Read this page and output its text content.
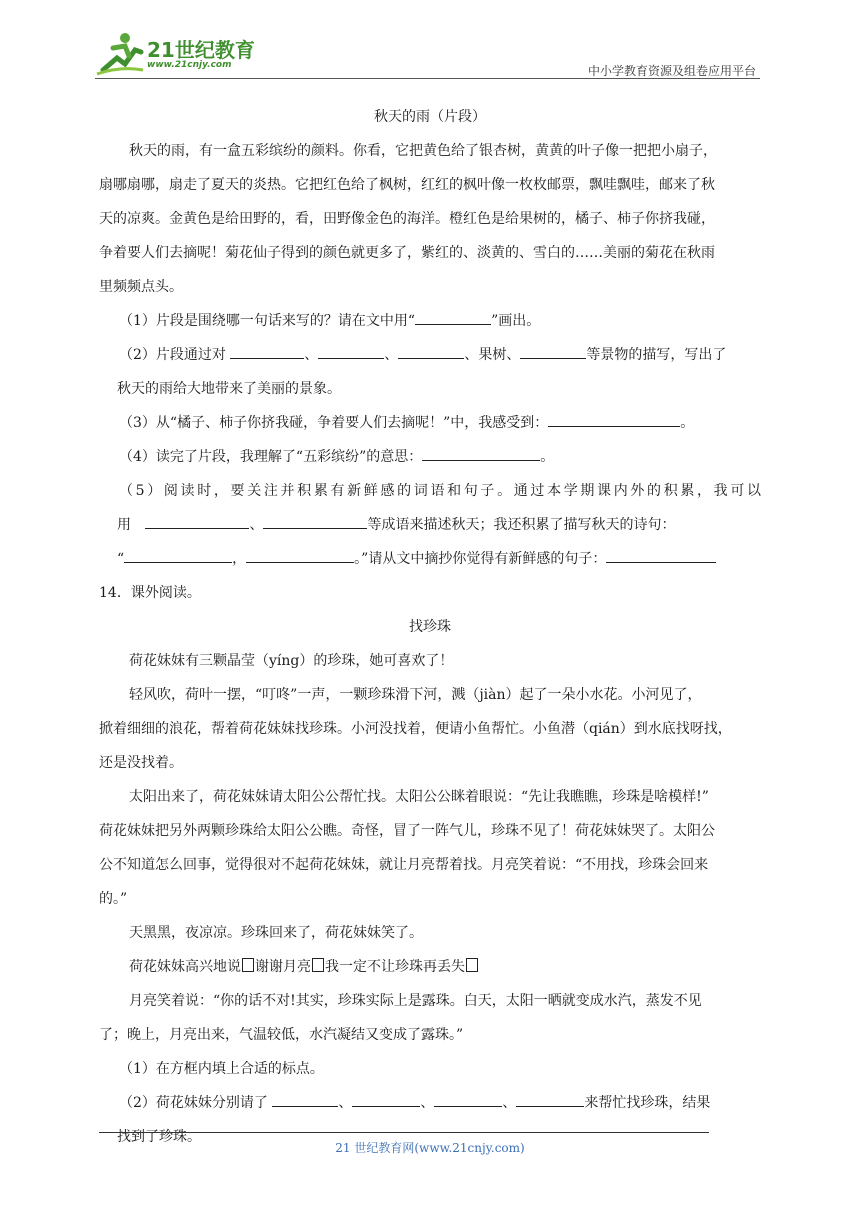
21世纪教育
www.21cnjy.com	中小学教育资源及组卷应用平台

秋天的雨（片段）

秋天的雨，有一盒五彩缤纷的颜料。你看，它把黄色给了银杏树，黄黄的叶子像一把把小扇子，

扇哪扇哪，扇走了夏天的炎热。它把红色给了枫树，红红的枫叶像一枚枚邮票，飘哇飘哇，邮来了秋

天的凉爽。金黄色是给田野的，看，田野像金色的海洋。橙红色是给果树的，橘子、柿子你挤我碰，

争着要人们去摘呢！菊花仙子得到的颜色就更多了，紫红的、淡黄的、雪白的……美丽的菊花在秋雨

里频频点头。

（1）片段是围绕哪一句话来写的？请在文中用“	”画出。

（2）片段通过对	、	、	、果树、	等景物的描写，写出了

秋天的雨给大地带来了美丽的景象。

（3）从“橘子、柿子你挤我碰，争着要人们去摘呢！”中，我感受到：	。

（4）读完了片段，我理解了“五彩缤纷”的意思：	。

（5）阅读时，要关注并积累有新鲜感的词语和句子。通过本学期课内外的积累，我可以

用	、	等成语来描述秋天；我还积累了描写秋天的诗句：

“	，	。”请从文中摘抄你觉得有新鲜感的句子：

14．课外阅读。

找珍珠

荷花妹妹有三颗晶莹（yíng）的珍珠，她可喜欢了！

轻风吹，荷叶一摆，“叮咚”一声，一颗珍珠滑下河，溅（jiàn）起了一朵小水花。小河见了，

掀着细细的浪花，帮着荷花妹妹找珍珠。小河没找着，便请小鱼帮忙。小鱼潜（qián）到水底找呀找，

还是没找着。

太阳出来了，荷花妹妹请太阳公公帮忙找。太阳公公眯着眼说：“先让我瞧瞧，珍珠是啥模样!”

荷花妹妹把另外两颗珍珠给太阳公公瞧。奇怪，冒了一阵气儿，珍珠不见了！荷花妹妹哭了。太阳公

公不知道怎么回事，觉得很对不起荷花妹妹，就让月亮帮着找。月亮笑着说：“不用找，珍珠会回来

的。”

天黑黑，夜凉凉。珍珠回来了，荷花妹妹笑了。

荷花妹妹高兴地说 谢谢月亮 我一定不让珍珠再丢失

月亮笑着说：“你的话不对!其实，珍珠实际上是露珠。白天，太阳一晒就变成水汽，蒸发不见

了；晚上，月亮出来，气温较低，水汽凝结又变成了露珠。”

（1）在方框内填上合适的标点。

（2）荷花妹妹分别请了	、	、	、	来帮忙找珍珠，结果

找到了珍珠。

21 世纪教育网(www.21cnjy.com)
